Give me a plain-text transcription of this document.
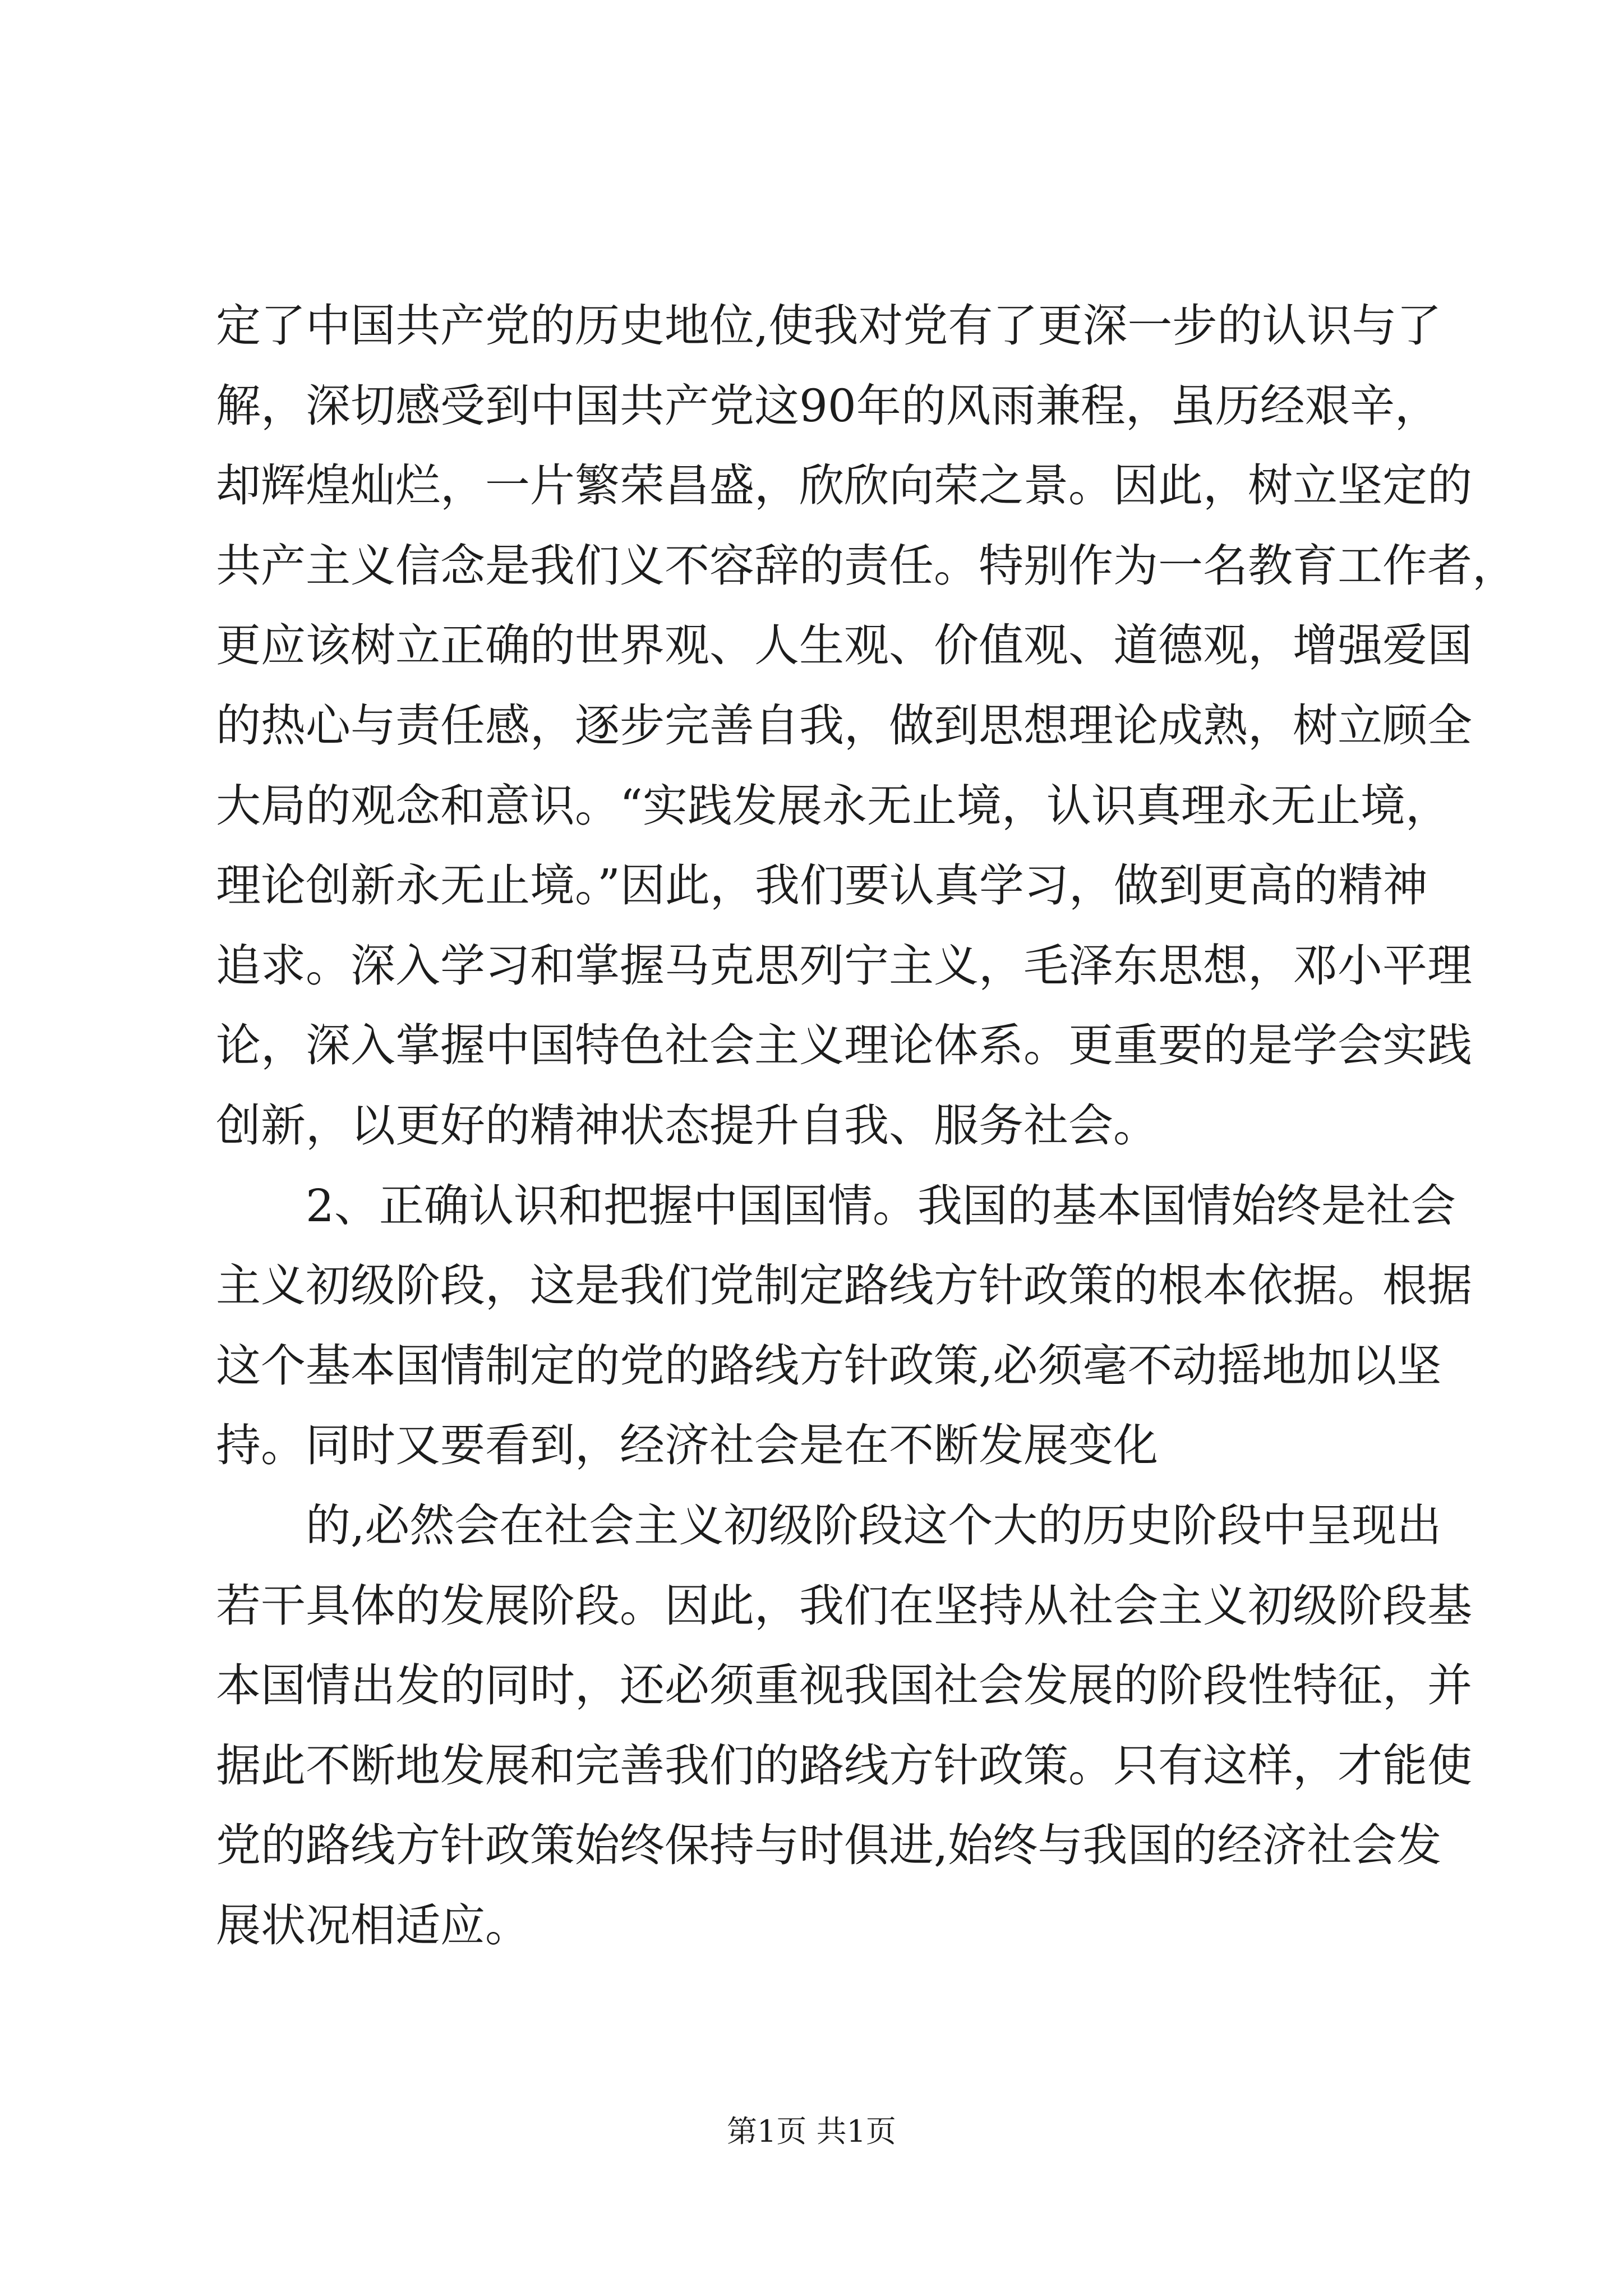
定了中国共产党的历史地位,使我对党有了更深一步的认识与了
解，深切感受到中国共产党这90年的风雨兼程，虽历经艰辛，
却辉煌灿烂，一片繁荣昌盛，欣欣向荣之景。因此，树立坚定的
共产主义信念是我们义不容辞的责任。特别作为一名教育工作者，
更应该树立正确的世界观、人生观、价值观、道德观，增强爱国
的热心与责任感，逐步完善自我，做到思想理论成熟，树立顾全
大局的观念和意识。“实践发展永无止境，认识真理永无止境，
理论创新永无止境。”因此，我们要认真学习，做到更高的精神
追求。深入学习和掌握马克思列宁主义，毛泽东思想，邓小平理
论，深入掌握中国特色社会主义理论体系。更重要的是学会实践
创新，以更好的精神状态提升自我、服务社会。
2、正确认识和把握中国国情。我国的基本国情始终是社会
主义初级阶段，这是我们党制定路线方针政策的根本依据。根据
这个基本国情制定的党的路线方针政策,必须毫不动摇地加以坚
持。同时又要看到，经济社会是在不断发展变化
的,必然会在社会主义初级阶段这个大的历史阶段中呈现出
若干具体的发展阶段。因此，我们在坚持从社会主义初级阶段基
本国情出发的同时，还必须重视我国社会发展的阶段性特征，并
据此不断地发展和完善我们的路线方针政策。只有这样，才能使
党的路线方针政策始终保持与时俱进,始终与我国的经济社会发
展状况相适应。
第1页 共1页
